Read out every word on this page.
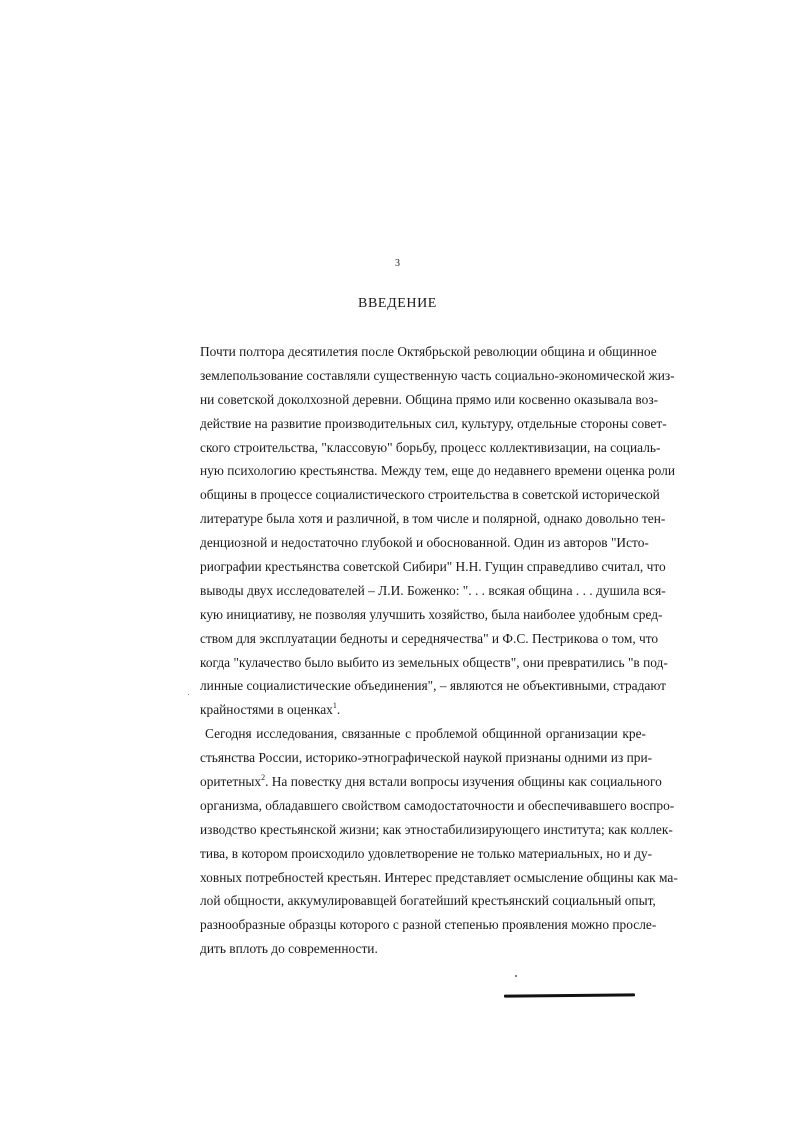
3
ВВЕДЕНИЕ
Почти полтора десятилетия после Октябрьской революции община и общинное
землепользование составляли существенную часть социально-экономической жиз-
ни советской доколхозной деревни. Община прямо или косвенно оказывала воз-
действие на развитие производительных сил, культуру, отдельные стороны совет-
ского строительства, "классовую" борьбу, процесс коллективизации, на социаль-
ную психологию крестьянства. Между тем, еще до недавнего времени оценка роли
общины в процессе социалистического строительства в советской исторической
литературе была хотя и различной, в том числе и полярной, однако довольно тен-
денциозной и недостаточно глубокой и обоснованной. Один из авторов "Исто-
риографии крестьянства советской Сибири" Н.Н. Гущин справедливо считал, что
выводы двух исследователей – Л.И. Боженко: ". . . всякая община . . . душила вся-
кую инициативу, не позволяя улучшить хозяйство, была наиболее удобным сред-
ством для эксплуатации бедноты и середнячества" и Ф.С. Пестрикова о том, что
когда "кулачество было выбито из земельных обществ", они превратились "в под-
линные социалистические объединения", – являются не объективными, страдают
крайностями в оценках$^1$.
Сегодня исследования, связанные с проблемой общинной организации кре-
стьянства России, историко-этнографической наукой признаны одними из при-
оритетных$^2$. На повестку дня встали вопросы изучения общины как социального
организма, обладавшего свойством самодостаточности и обеспечивавшего воспро-
изводство крестьянской жизни; как этностабилизирующего института; как коллек-
тива, в котором происходило удовлетворение не только материальных, но и ду-
ховных потребностей крестьян. Интерес представляет осмысление общины как ма-
лой общности, аккумулировавщей богатейший крестьянский социальный опыт,
разнообразные образцы которого с разной степенью проявления можно просле-
дить вплоть до современности.
